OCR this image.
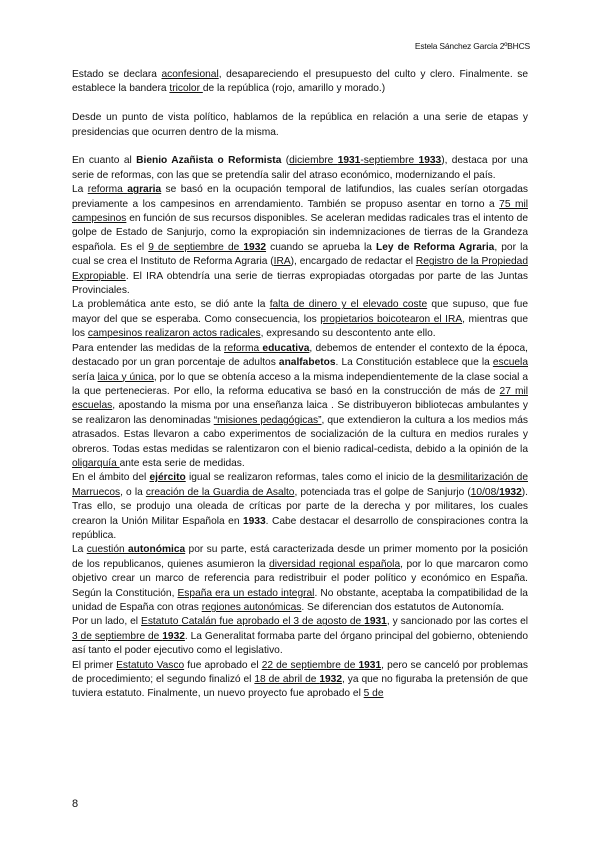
Estela Sánchez García 2ºBHCS

Estado se declara aconfesional, desapareciendo el presupuesto del culto y clero. Finalmente. se establece la bandera tricolor de la república (rojo, amarillo y morado.)

Desde un punto de vista político, hablamos de la república en relación a una serie de etapas y presidencias que ocurren dentro de la misma.

En cuanto al Bienio Azañista o Reformista (diciembre 1931-septiembre 1933), destaca por una serie de reformas, con las que se pretendía salir del atraso económico, modernizando el país.

La reforma agraria se basó en la ocupación temporal de latifundios, las cuales serían otorgadas previamente a los campesinos en arrendamiento. También se propuso asentar en torno a 75 mil campesinos en función de sus recursos disponibles. Se aceleran medidas radicales tras el intento de golpe de Estado de Sanjurjo, como la expropiación sin indemnizaciones de tierras de la Grandeza española. Es el 9 de septiembre de 1932 cuando se aprueba la Ley de Reforma Agraria, por la cual se crea el Instituto de Reforma Agraria (IRA), encargado de redactar el Registro de la Propiedad Expropiable. El IRA obtendría una serie de tierras expropiadas otorgadas por parte de las Juntas Provinciales.

La problemática ante esto, se dió ante la falta de dinero y el elevado coste que supuso, que fue mayor del que se esperaba. Como consecuencia, los propietarios boicotearon el IRA, mientras que los campesinos realizaron actos radicales, expresando su descontento ante ello.

Para entender las medidas de la reforma educativa, debemos de entender el contexto de la época, destacado por un gran porcentaje de adultos analfabetos. La Constitución establece que la escuela sería laica y única, por lo que se obtenía acceso a la misma independientemente de la clase social a la que pertenecieras. Por ello, la reforma educativa se basó en la construcción de más de 27 mil escuelas, apostando la misma por una enseñanza laica . Se distribuyeron bibliotecas ambulantes y se realizaron las denominadas “misiones pedagógicas”, que extendieron la cultura a los medios más atrasados. Estas llevaron a cabo experimentos de socialización de la cultura en medios rurales y obreros. Todas estas medidas se ralentizaron con el bienio radical-cedista, debido a la opinión de la oligarquía ante esta serie de medidas.

En el ámbito del ejército igual se realizaron reformas, tales como el inicio de la desmilitarización de Marruecos, o la creación de la Guardia de Asalto, potenciada tras el golpe de Sanjurjo (10/08/1932). Tras ello, se produjo una oleada de críticas por parte de la derecha y por militares, los cuales crearon la Unión Militar Española en 1933. Cabe destacar el desarrollo de conspiraciones contra la república.

La cuestión autonómica por su parte, está caracterizada desde un primer momento por la posición de los republicanos, quienes asumieron la diversidad regional española, por lo que marcaron como objetivo crear un marco de referencia para redistribuir el poder político y económico en España. Según la Constitución, España era un estado integral. No obstante, aceptaba la compatibilidad de la unidad de España con otras regiones autonómicas. Se diferencian dos estatutos de Autonomía.

Por un lado, el Estatuto Catalán fue aprobado el 3 de agosto de 1931, y sancionado por las cortes el 3 de septiembre de 1932. La Generalitat formaba parte del órgano principal del gobierno, obteniendo así tanto el poder ejecutivo como el legislativo.

El primer Estatuto Vasco fue aprobado el 22 de septiembre de 1931, pero se canceló por problemas de procedimiento; el segundo finalizó el 18 de abril de 1932, ya que no figuraba la pretensión de que tuviera estatuto. Finalmente, un nuevo proyecto fue aprobado el 5 de

8
